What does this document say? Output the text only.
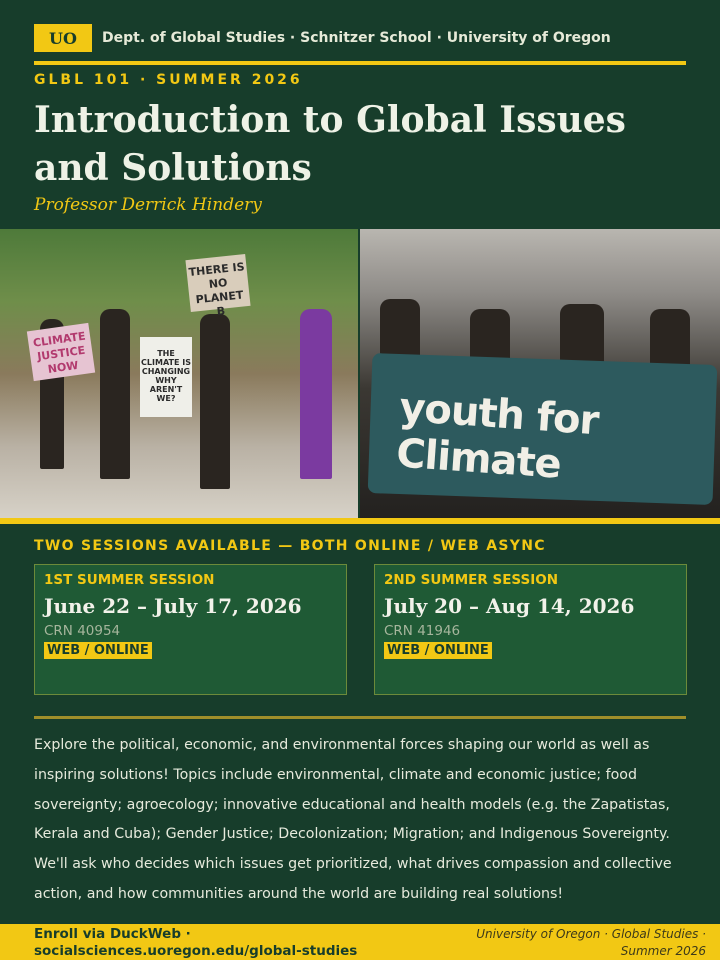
UO	Dept. of Global Studies · Schnitzer School · University of Oregon
GLBL 101 · SUMMER 2026
Introduction to Global Issues and Solutions
Professor Derrick Hindery
THERE IS NO PLANET B
CLIMATE JUSTICE NOW
THE CLIMATE IS CHANGING WHY AREN'T WE?	youth for Climate
TWO SESSIONS AVAILABLE — BOTH ONLINE / WEB ASYNC
1ST SUMMER SESSION
June 22 – July 17, 2026
CRN 40954
WEB / ONLINE
2ND SUMMER SESSION
July 20 – Aug 14, 2026
CRN 41946
WEB / ONLINE

Explore the political, economic, and environmental forces shaping our world as well as inspiring solutions! Topics include environmental, climate and economic justice; food sovereignty; agroecology; innovative educational and health models (e.g. the Zapatistas, Kerala and Cuba); Gender Justice; Decolonization; Migration; and Indigenous Sovereignty. We'll ask who decides which issues get prioritized, what drives compassion and collective action, and how communities around the world are building real solutions!

Enroll via DuckWeb · socialsciences.uoregon.edu/global-studies
University of Oregon · Global Studies · Summer 2026
